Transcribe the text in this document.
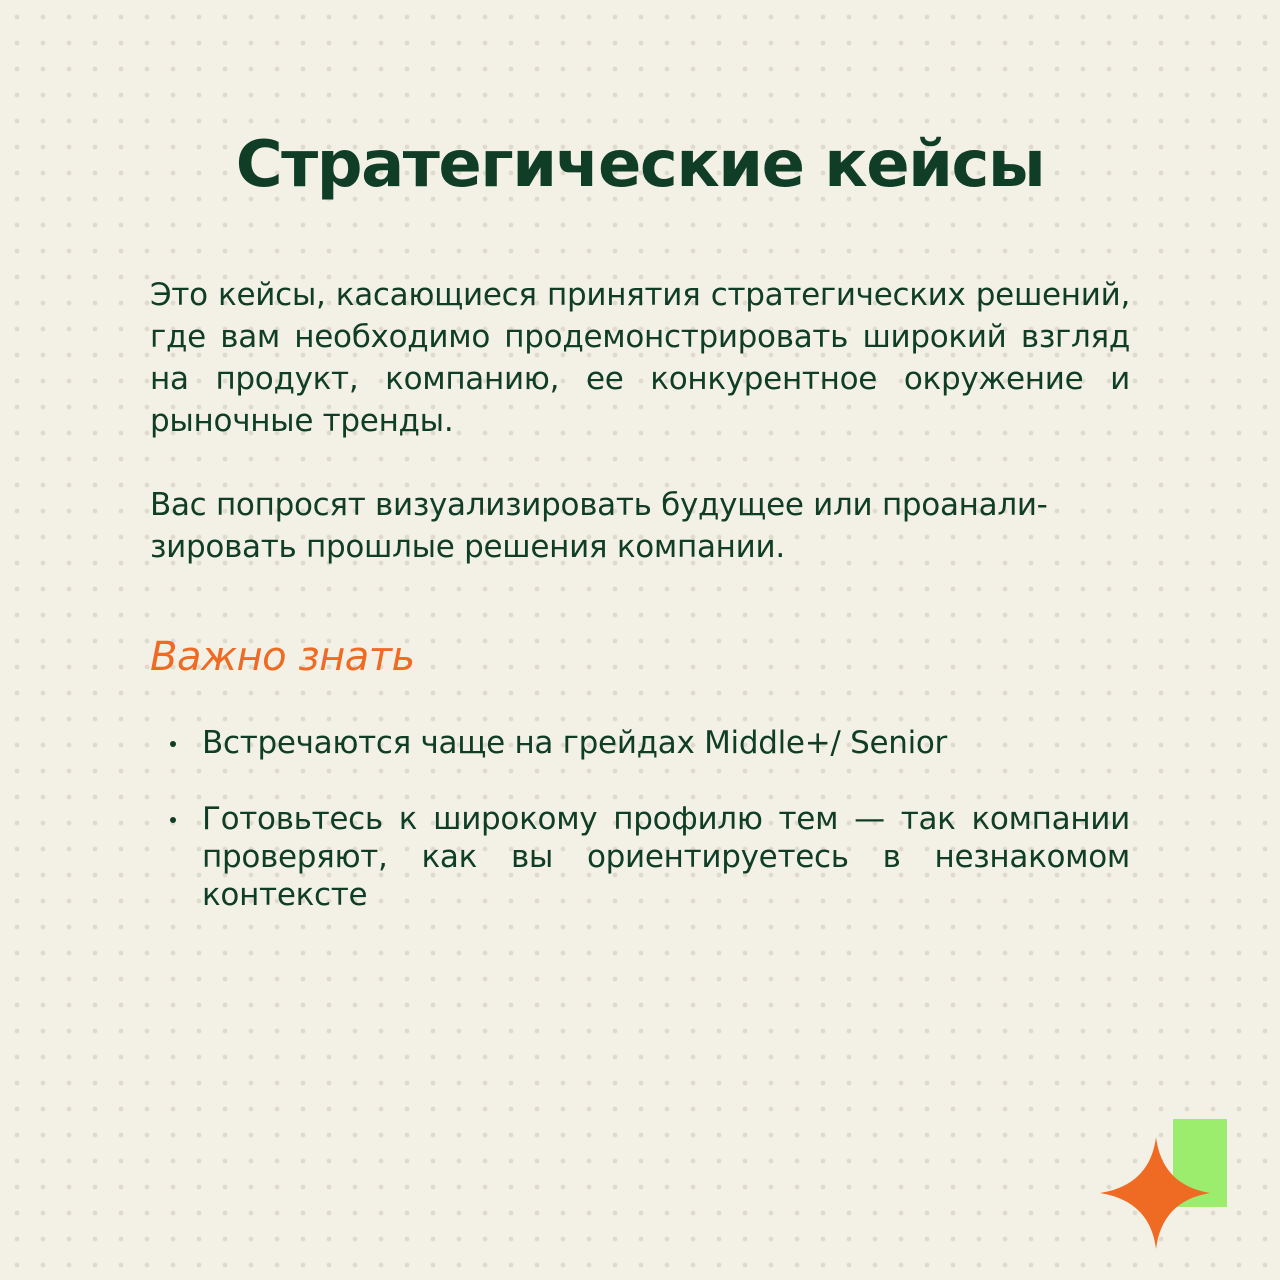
Стратегические кейсы

Это кейсы, касающиеся принятия стратегических решений, где вам необходимо продемонстрировать широкий взгляд на продукт, компанию, ее конкурентное окружение и рыночные тренды.

Вас попросят визуализировать будущее или проанали-
зировать прошлые решения компании.

Важно знать
Встречаются чаще на грейдах Middle+/ Senior
Готовьтесь к широкому профилю тем — так компании проверяют, как вы ориентируетесь в незнакомом контексте
